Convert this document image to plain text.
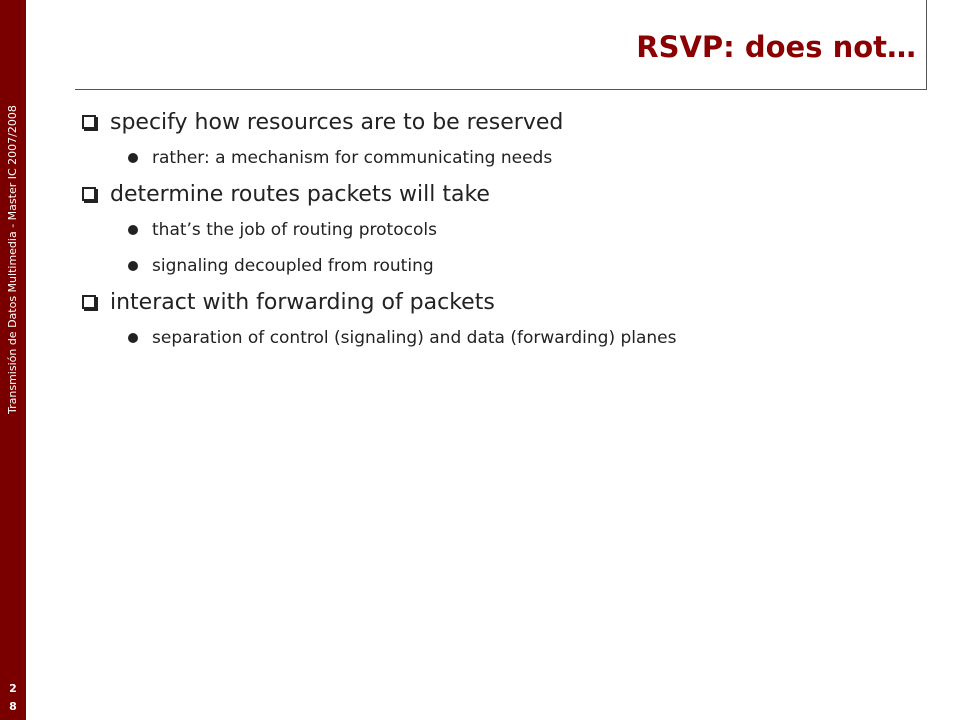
Transmisión de Datos Multimedia - Master IC 2007/2008
2
8
RSVP: does not…
specify how resources are to be reserved
rather: a mechanism for communicating needs
determine routes packets will take
that’s the job of routing protocols
signaling decoupled from routing
interact with forwarding of packets
separation of control (signaling) and data (forwarding) planes
